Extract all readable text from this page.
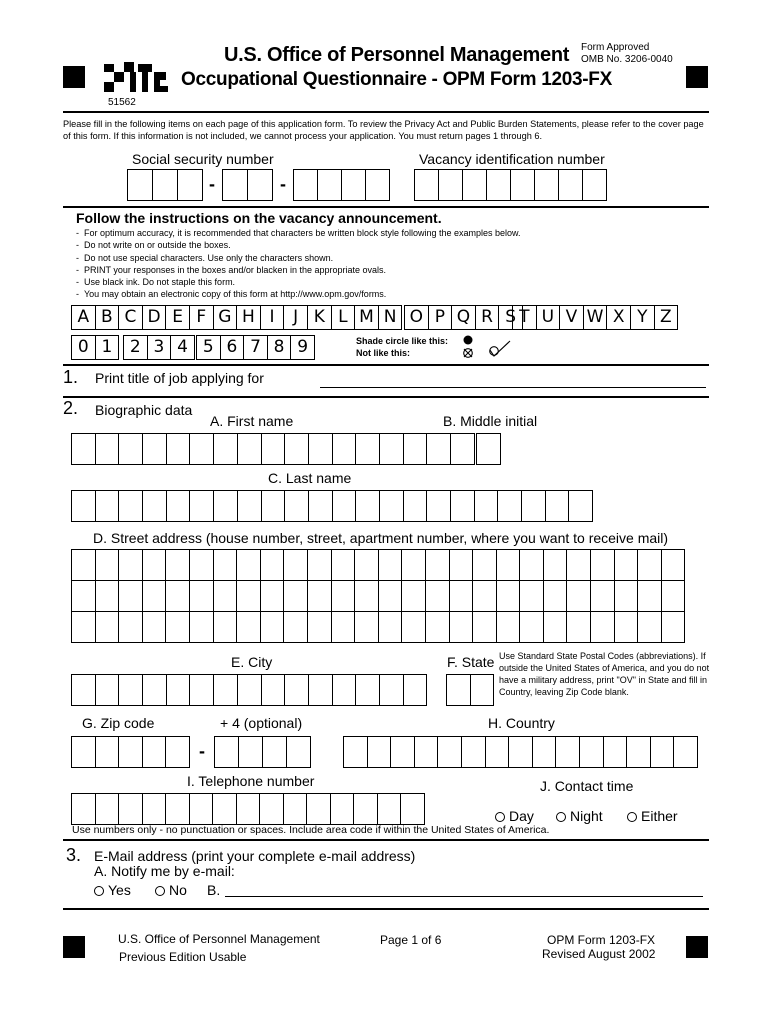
U.S. Office of Personnel Management
Occupational Questionnaire - OPM Form 1203-FX
Form Approved
OMB No. 3206-0040
51562
Please fill in the following items on each page of this application form. To review the Privacy Act and Public Burden Statements, please refer to the cover page of this form. If this information is not included, we cannot process your application. You must return pages 1 through 6.
Social security number	Vacancy identification number
-	-
Follow the instructions on the vacancy announcement.
-  For optimum accuracy, it is recommended that characters be written block style following the examples below.
-  Do not write on or outside the boxes.
-  Do not use special characters. Use only the characters shown.
-  PRINT your responses in the boxes and/or blacken in the appropriate ovals.
-  Use black ink. Do not staple this form.
-  You may obtain an electronic copy of this form at http://www.opm.gov/forms.
A B C D E F G H I	J K L M N O P Q R S T U V W X Y Z
0 1	2 3 4 5 6 7 8 9	Shade circle like this:
Not like this:
1. Print title of job applying for
2. Biographic data
A. First name	B. Middle initial
C. Last name
D. Street address (house number, street, apartment number, where you want to receive mail)
E. City	F. State Use Standard State Postal Codes (abbreviations). If outside the United States of America, and you do not have a military address, print "OV" in State and fill in Country, leaving Zip Code blank.
G. Zip code	+ 4 (optional)	H. Country
-
I. Telephone number	J. Contact time
Day	Night	Either
Use numbers only - no punctuation or spaces. Include area code if within the United States of America.
3. E-Mail address (print your complete e-mail address)
A. Notify me by e-mail:
Yes	No B.
U.S. Office of Personnel Management
Previous Edition Usable
Page 1 of 6	OPM Form 1203-FX
Revised August 2002
